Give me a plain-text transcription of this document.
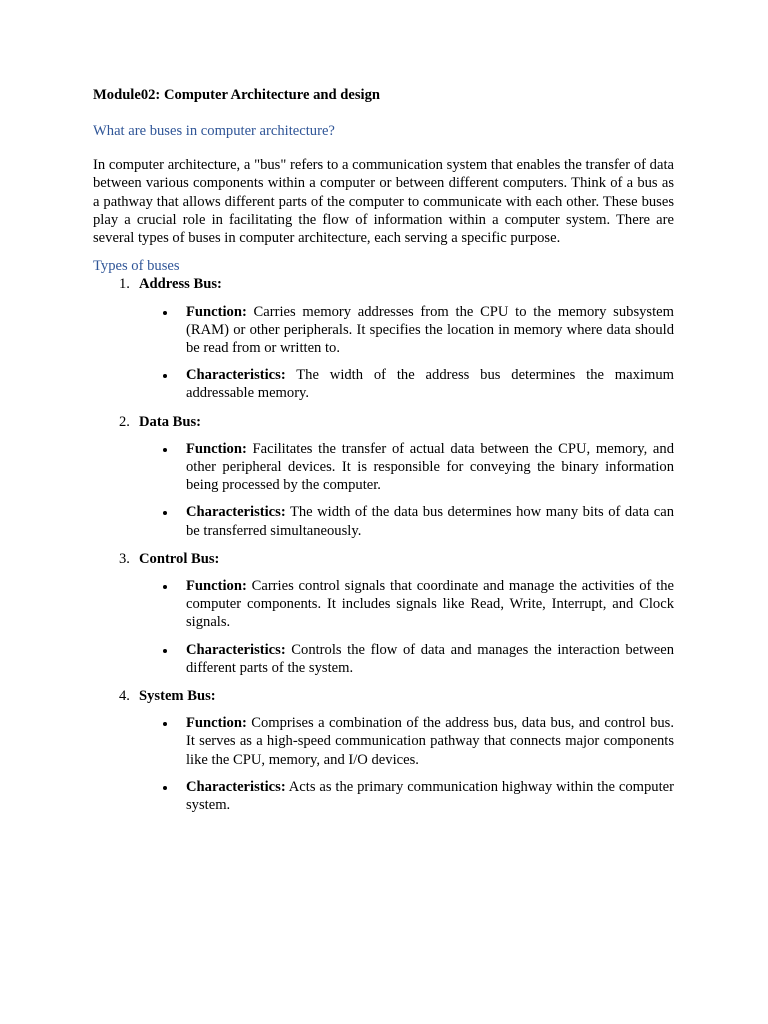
Module02: Computer Architecture and design

What are buses in computer architecture?

In computer architecture, a "bus" refers to a communication system that enables the transfer of data between various components within a computer or between different computers. Think of a bus as a pathway that allows different parts of the computer to communicate with each other. These buses play a crucial role in facilitating the flow of information within a computer system. There are several types of buses in computer architecture, each serving a specific purpose.

Types of buses

1. Address Bus:
Function: Carries memory addresses from the CPU to the memory subsystem (RAM) or other peripherals. It specifies the location in memory where data should be read from or written to.
Characteristics: The width of the address bus determines the maximum addressable memory.
2. Data Bus:
Function: Facilitates the transfer of actual data between the CPU, memory, and other peripheral devices. It is responsible for conveying the binary information being processed by the computer.
Characteristics: The width of the data bus determines how many bits of data can be transferred simultaneously.
3. Control Bus:
Function: Carries control signals that coordinate and manage the activities of the computer components. It includes signals like Read, Write, Interrupt, and Clock signals.
Characteristics: Controls the flow of data and manages the interaction between different parts of the system.
4. System Bus:
Function: Comprises a combination of the address bus, data bus, and control bus. It serves as a high-speed communication pathway that connects major components like the CPU, memory, and I/O devices.
Characteristics: Acts as the primary communication highway within the computer system.
